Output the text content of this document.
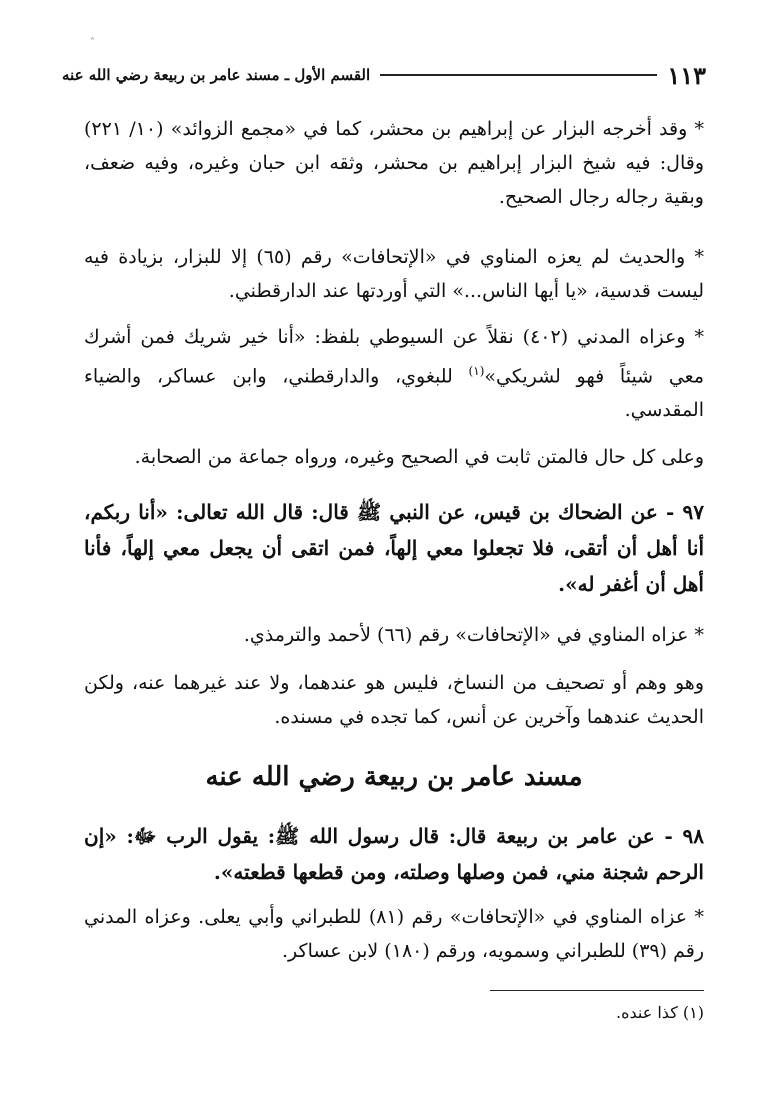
ˆ
القسم الأول ـ مسند عامر بن ربيعة رضي الله عنه	١١٣

* وقد أخرجه البزار عن إبراهيم بن محشر، كما في «مجمع الزوائد» (١٠/ ٢٢١) وقال: فيه شيخ البزار إبراهيم بن محشر، وثقه ابن حبان وغيره، وفيه ضعف، وبقية رجاله رجال الصحيح.

* والحديث لم يعزه المناوي في «الإتحافات» رقم (٦٥) إلا للبزار، بزيادة فيه ليست قدسية، «يا أيها الناس...» التي أوردتها عند الدارقطني.

* وعزاه المدني (٤٠٢) نقلاً عن السيوطي بلفظ: «أنا خير شريك فمن أشرك معي شيئاً فهو لشريكي»$^{(١)}$ للبغوي، والدارقطني، وابن عساكر، والضياء المقدسي.

وعلى كل حال فالمتن ثابت في الصحيح وغيره، ورواه جماعة من الصحابة.

٩٧ - عن الضحاك بن قيس، عن النبي ﷺ قال: قال الله تعالى: «أنا ربكم، أنا أهل أن أتقى، فلا تجعلوا معي إلهاً، فمن اتقى أن يجعل معي إلهاً، فأنا أهل أن أغفر له».

* عزاه المناوي في «الإتحافات» رقم (٦٦) لأحمد والترمذي.

وهو وهم أو تصحيف من النساخ، فليس هو عندهما، ولا عند غيرهما عنه، ولكن الحديث عندهما وآخرين عن أنس، كما تجده في مسنده.

مسند عامر بن ربيعة رضي الله عنه

٩٨ - عن عامر بن ربيعة قال: قال رسول الله ﷺ: يقول الرب ﷻ: «إن الرحم شجنة مني، فمن وصلها وصلته، ومن قطعها قطعته».

* عزاه المناوي في «الإتحافات» رقم (٨١) للطبراني وأبي يعلى. وعزاه المدني رقم (٣٩) للطبراني وسمويه، ورقم (١٨٠) لابن عساكر.

(١) كذا عنده.
